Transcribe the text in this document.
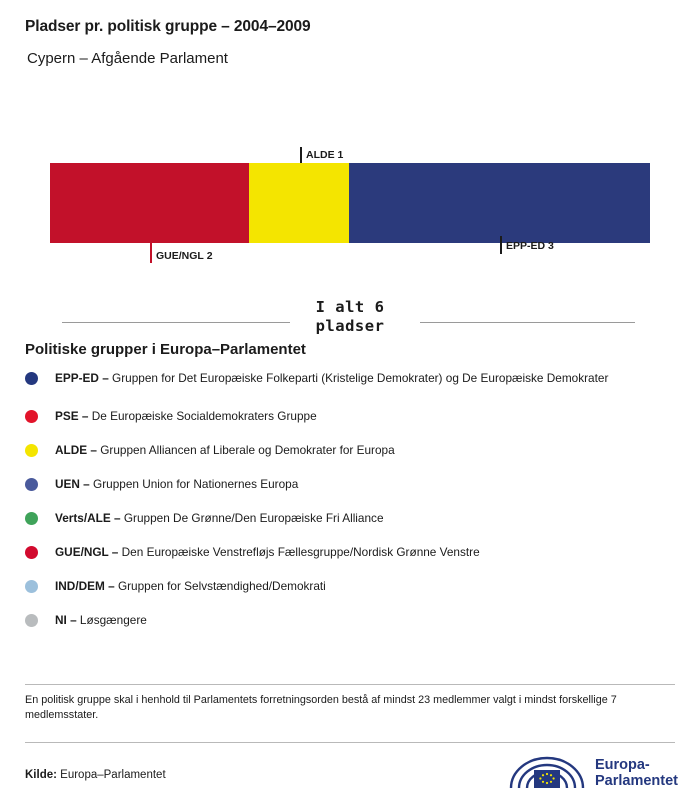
Pladser pr. politisk gruppe – 2004–2009
Cypern – Afgående Parlament
ALDE 1
GUE/NGL 2
EPP-ED 3
I alt 6
pladser
Politiske grupper i Europa–Parlamentet
EPP-ED – Gruppen for Det Europæiske Folkeparti (Kristelige Demokrater) og De Europæiske Demokrater
PSE – De Europæiske Socialdemokraters Gruppe
ALDE – Gruppen Alliancen af Liberale og Demokrater for Europa
UEN – Gruppen Union for Nationernes Europa
Verts/ALE – Gruppen De Grønne/Den Europæiske Fri Alliance
GUE/NGL – Den Europæiske Venstrefløjs Fællesgruppe/Nordisk Grønne Venstre
IND/DEM – Gruppen for Selvstændighed/Demokrati
NI – Løsgængere
En politisk gruppe skal i henhold til Parlamentets forretningsorden bestå af mindst 23 medlemmer valgt i mindst forskellige 7 medlemsstater.
Kilde: Europa–Parlamentet
Europa-
Parlamentet
